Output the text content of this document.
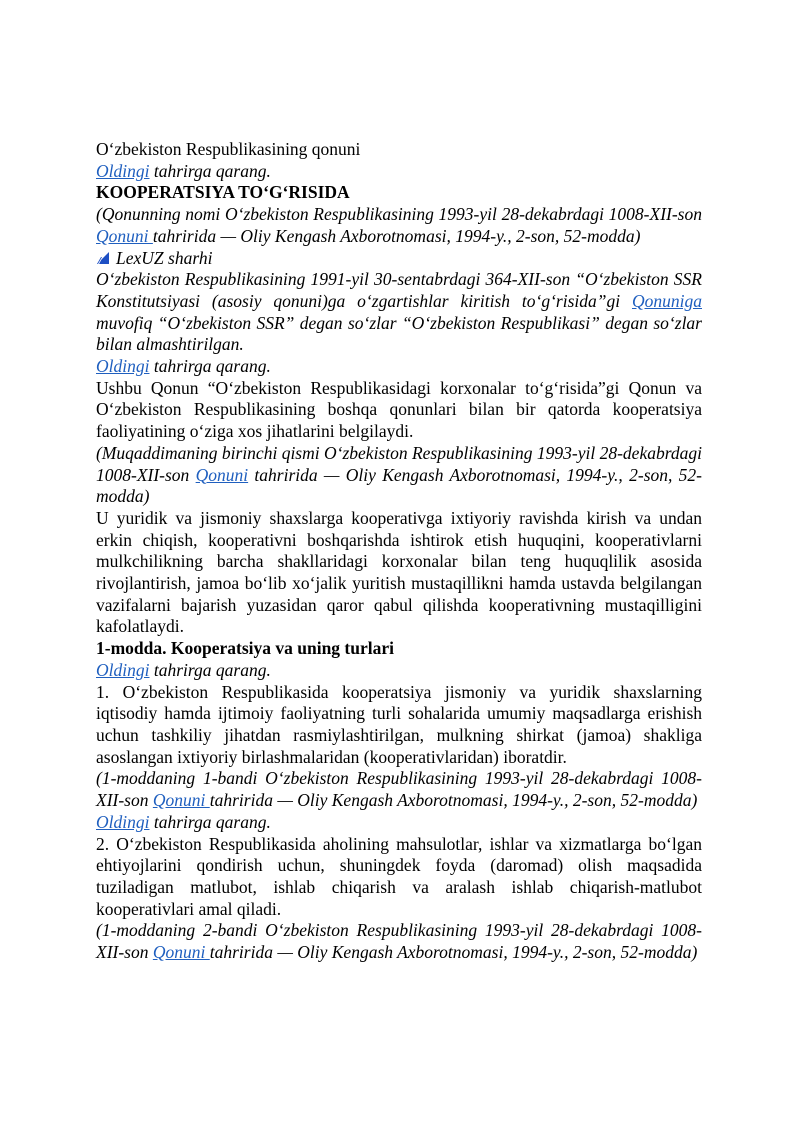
O‘zbekiston Respublikasining qonuni

Oldingi tahrirga qarang.

KOOPERATSIYA TO‘G‘RISIDA

(Qonunning nomi O‘zbekiston Respublikasining 1993-yil 28-dekabrdagi 1008-XII-son Qonuni tahririda — Oliy Kengash Axborotnomasi, 1994-y., 2-son, 52-modda)

LexUZ sharhi

O‘zbekiston Respublikasining 1991-yil 30-sentabrdagi 364-XII-son “O‘zbekiston SSR Konstitutsiyasi (asosiy qonuni)ga o‘zgartishlar kiritish to‘g‘risida”gi Qonuniga muvofiq “O‘zbekiston SSR” degan so‘zlar “O‘zbekiston Respublikasi” degan so‘zlar bilan almashtirilgan.

Oldingi tahrirga qarang.

Ushbu Qonun “O‘zbekiston Respublikasidagi korxonalar to‘g‘risida”gi Qonun va O‘zbekiston Respublikasining boshqa qonunlari bilan bir qatorda kooperatsiya faoliyatining o‘ziga xos jihatlarini belgilaydi.

(Muqaddimaning birinchi qismi O‘zbekiston Respublikasining 1993-yil 28-dekabrdagi 1008-XII-son Qonuni tahririda — Oliy Kengash Axborotnomasi, 1994-y., 2-son, 52-modda)

U yuridik va jismoniy shaxslarga kooperativga ixtiyoriy ravishda kirish va undan erkin chiqish, kooperativni boshqarishda ishtirok etish huquqini, kooperativlarni mulkchilikning barcha shakllaridagi korxonalar bilan teng huquqlilik asosida rivojlantirish, jamoa bo‘lib xo‘jalik yuritish mustaqillikni hamda ustavda belgilangan vazifalarni bajarish yuzasidan qaror qabul qilishda kooperativning mustaqilligini kafolatlaydi.

1-modda. Kooperatsiya va uning turlari

Oldingi tahrirga qarang.

1. O‘zbekiston Respublikasida kooperatsiya jismoniy va yuridik shaxslarning iqtisodiy hamda ijtimoiy faoliyatning turli sohalarida umumiy maqsadlarga erishish uchun tashkiliy jihatdan rasmiylashtirilgan, mulkning shirkat (jamoa) shakliga asoslangan ixtiyoriy birlashmalaridan (kooperativlaridan) iboratdir.

(1-moddaning 1-bandi O‘zbekiston Respublikasining 1993-yil 28-dekabrdagi 1008-XII-son Qonuni tahririda — Oliy Kengash Axborotnomasi, 1994-y., 2-son, 52-modda)

Oldingi tahrirga qarang.

2. O‘zbekiston Respublikasida aholining mahsulotlar, ishlar va xizmatlarga bo‘lgan ehtiyojlarini qondirish uchun, shuningdek foyda (daromad) olish maqsadida tuziladigan matlubot, ishlab chiqarish va aralash ishlab chiqarish-matlubot kooperativlari amal qiladi.

(1-moddaning 2-bandi O‘zbekiston Respublikasining 1993-yil 28-dekabrdagi 1008-XII-son Qonuni tahririda — Oliy Kengash Axborotnomasi, 1994-y., 2-son, 52-modda)
